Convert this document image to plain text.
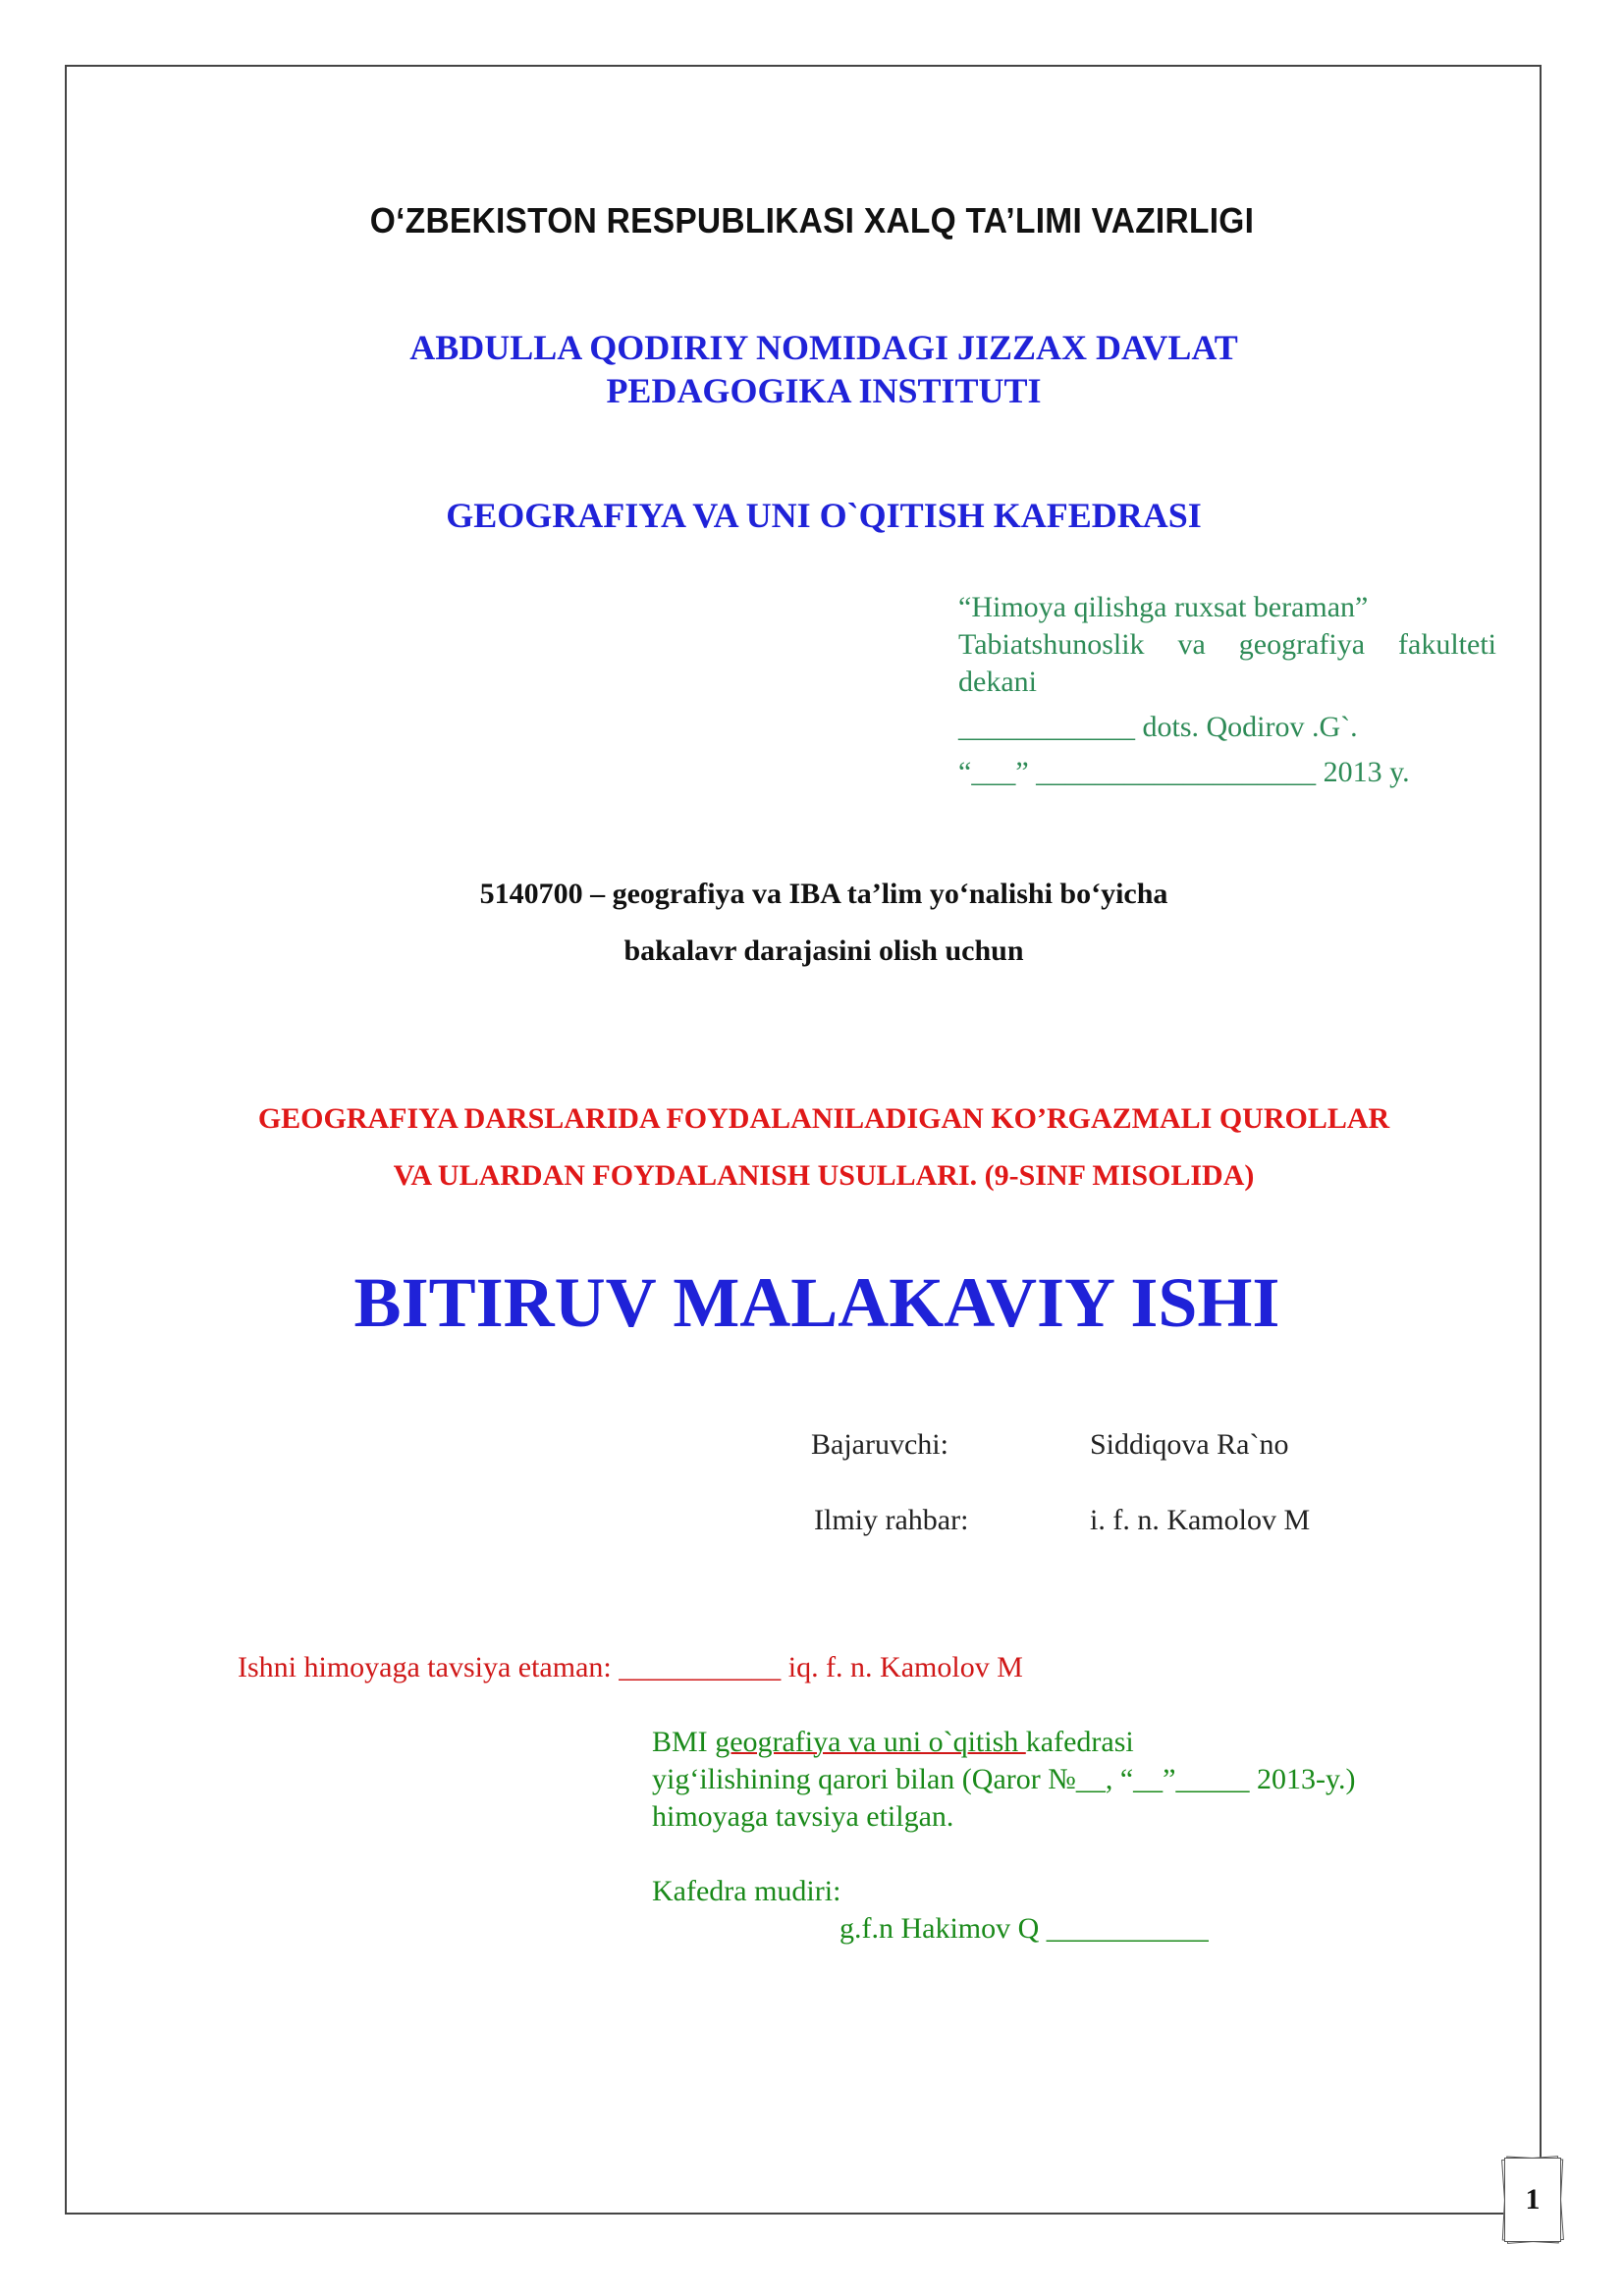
O‘ZBEKISTON RESPUBLIKASI XALQ TA’LIMI VAZIRLIGI
ABDULLA QODIRIY NOMIDAGI JIZZAX DAVLAT
PEDAGOGIKA INSTITUTI
GEOGRAFIYA VA UNI O`QITISH KAFEDRASI
“Himoya qilishga ruxsat beraman”
Tabiatshunoslik va geografiya fakulteti
dekani
____________ dots. Qodirov .G`.
“___” ___________________ 2013 y.
5140700 – geografiya va IBA ta’lim yo‘nalishi bo‘yicha
bakalavr darajasini olish uchun
GEOGRAFIYA DARSLARIDA FOYDALANILADIGAN KO’RGAZMALI QUROLLAR
VA ULARDAN FOYDALANISH USULLARI. (9-SINF MISOLIDA)
BITIRUV MALAKAVIY ISHI
Bajaruvchi:	Siddiqova Ra`no
Ilmiy rahbar:	i. f. n. Kamolov M
Ishni himoyaga tavsiya etaman: ___________ iq. f. n. Kamolov M
BMI geografiya va uni o`qitish kafedrasi
yig‘ilishining qarori bilan (Qaror №__, “__”_____ 2013-y.)
himoyaga tavsiya etilgan.
Kafedra mudiri:
g.f.n Hakimov Q ___________
1
